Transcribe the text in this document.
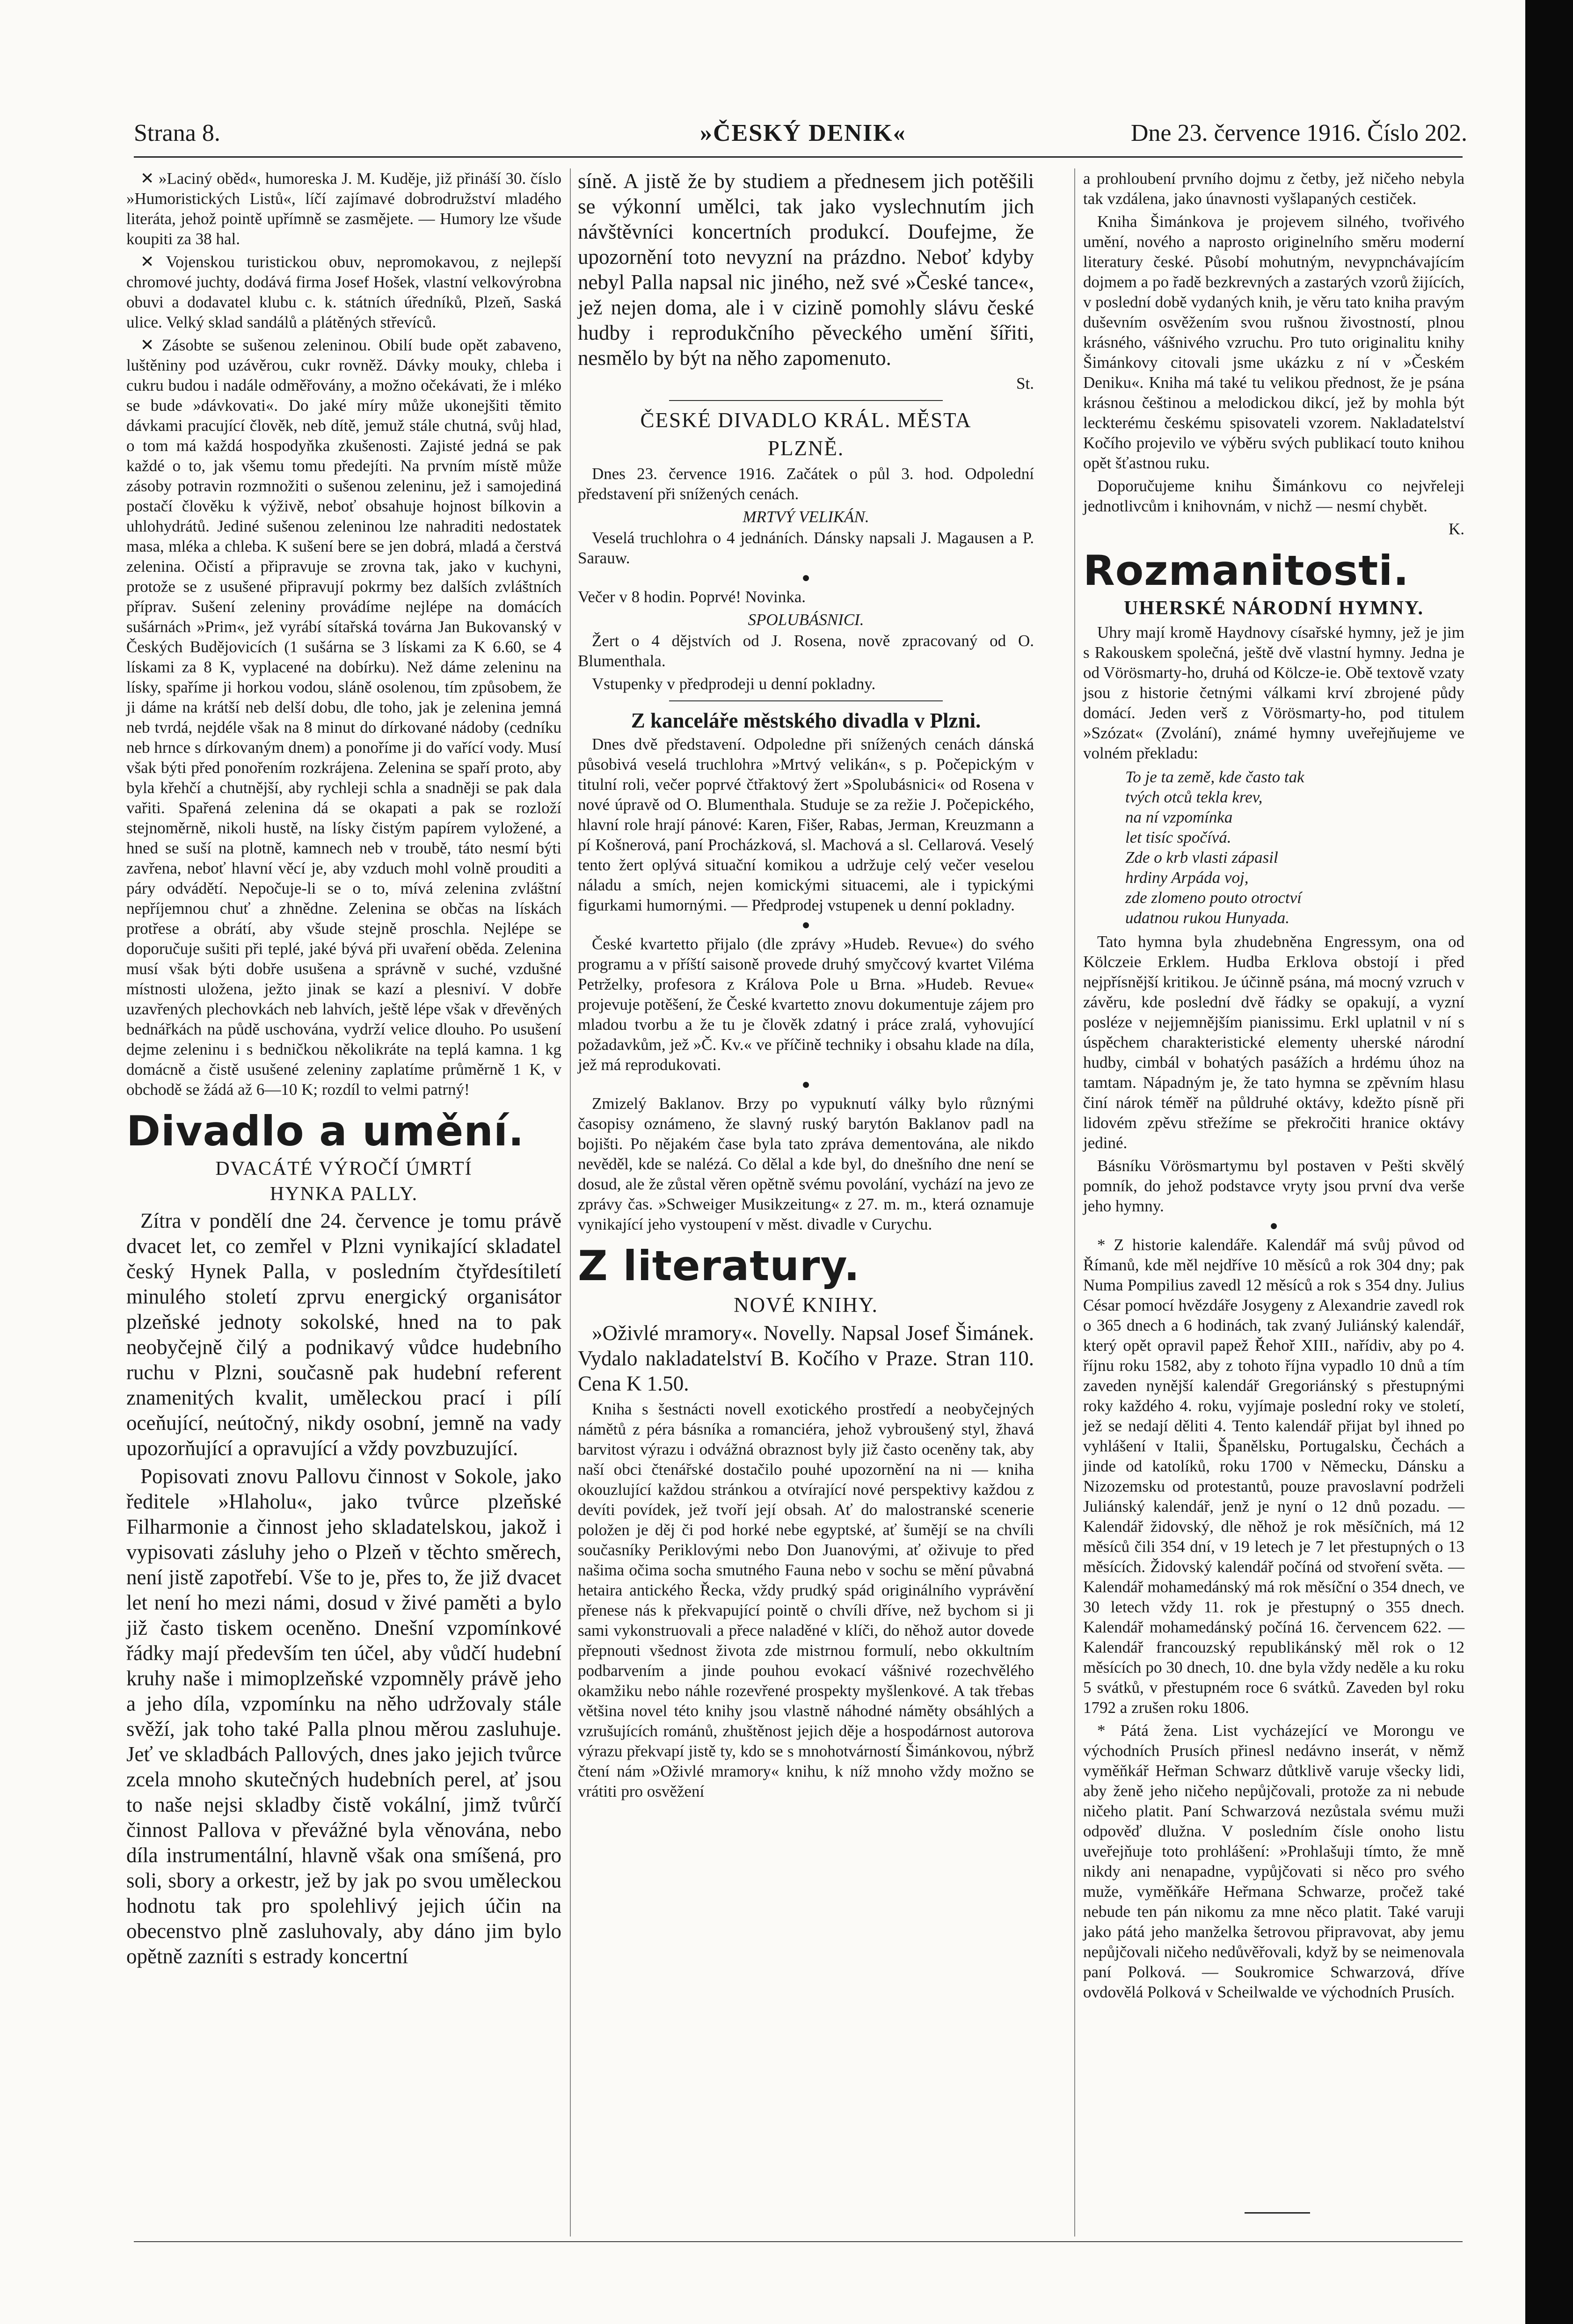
Strana 8.	»ČESKÝ DENIK«	Dne 23. července 1916. Číslo 202.

✕ »Laciný oběd«, humoreska J. M. Kuděje, již přináší 30. číslo »Humoristických Listů«, líčí zajímavé dobrodružství mladého literáta, jehož pointě upřímně se zasmějete. — Humory lze všude koupiti za 38 hal.

✕ Vojenskou turistickou obuv, nepromokavou, z nejlepší chromové juchty, dodává firma Josef Hošek, vlastní velkovýrobna obuvi a dodavatel klubu c. k. státních úředníků, Plzeň, Saská ulice. Velký sklad sandálů a plátěných střevíců.

✕ Zásobte se sušenou zeleninou. Obilí bude opět zabaveno, luštěniny pod uzávěrou, cukr rovněž. Dávky mouky, chleba i cukru budou i nadále odměřovány, a možno očekávati, že i mléko se bude »dávkovati«. Do jaké míry může ukonejšiti těmito dávkami pracující člověk, neb dítě, jemuž stále chutná, svůj hlad, o tom má každá hospodyňka zkušenosti. Zajisté jedná se pak každé o to, jak všemu tomu předejíti. Na prvním místě může zásoby potravin rozmnožiti o sušenou zeleninu, jež i samojediná postačí člověku k výživě, neboť obsahuje hojnost bílkovin a uhlohydrátů. Jediné sušenou zeleninou lze nahraditi nedostatek masa, mléka a chleba. K sušení bere se jen dobrá, mladá a čerstvá zelenina. Očistí a připravuje se zrovna tak, jako v kuchyni, protože se z usušené připravují pokrmy bez dalších zvláštních příprav. Sušení zeleniny provádíme nejlépe na domácích sušárnách »Prim«, jež vyrábí sítařská továrna Jan Bukovanský v Českých Budějovicích (1 sušárna se 3 lískami za K 6.60, se 4 lískami za 8 K, vyplacené na dobírku). Než dáme zeleninu na lísky, spaříme ji horkou vodou, sláně osolenou, tím způsobem, že ji dáme na krátší neb delší dobu, dle toho, jak je zelenina jemná neb tvrdá, nejdéle však na 8 minut do dírkované nádoby (cedníku neb hrnce s dírkovaným dnem) a ponoříme ji do vařící vody. Musí však býti před ponořením rozkrájena. Zelenina se spaří proto, aby byla křehčí a chutnější, aby rychleji schla a snadněji se pak dala vařiti. Spařená zelenina dá se okapati a pak se rozloží stejnoměrně, nikoli hustě, na lísky čistým papírem vyložené, a hned se suší na plotně, kamnech neb v troubě, táto nesmí býti zavřena, neboť hlavní věcí je, aby vzduch mohl volně prouditi a páry odvádětí. Nepočuje-li se o to, mívá zelenina zvláštní nepříjemnou chuť a zhnědne. Zelenina se občas na lískách protřese a obrátí, aby všude stejně proschla. Nejlépe se doporučuje sušiti při teplé, jaké bývá při uvaření oběda. Zelenina musí však býti dobře usušena a správně v suché, vzdušné místnosti uložena, ježto jinak se kazí a plesniví. V dobře uzavřených plechovkách neb lahvích, ještě lépe však v dřevěných bednářkách na půdě uschována, vydrží velice dlouho. Po usušení dejme zeleninu i s bedničkou několikráte na teplá kamna. 1 kg domácně a čistě usušené zeleniny zaplatíme průměrně 1 K, v obchodě se žádá až 6—10 K; rozdíl to velmi patrný!

Divadlo a umění.
DVACÁTÉ VÝROČÍ ÚMRTÍ
HYNKA PALLY.

Zítra v pondělí dne 24. července je tomu právě dvacet let, co zemřel v Plzni vynikající skladatel český Hynek Palla, v posledním čtyřdesítiletí minulého století zprvu energický organisátor plzeňské jednoty sokolské, hned na to pak neobyčejně čilý a podnikavý vůdce hudebního ruchu v Plzni, současně pak hudební referent znamenitých kvalit, uměleckou prací i pílí oceňující, neútočný, nikdy osobní, jemně na vady upozorňující a opravující a vždy povzbuzující.

Popisovati znovu Pallovu činnost v Sokole, jako ředitele »Hlaholu«, jako tvůrce plzeňské Filharmonie a činnost jeho skladatelskou, jakož i vypisovati zásluhy jeho o Plzeň v těchto směrech, není jistě zapotřebí. Vše to je, přes to, že již dvacet let není ho mezi námi, dosud v živé paměti a bylo již často tiskem oceněno. Dnešní vzpomínkové řádky mají především ten účel, aby vůdčí hudební kruhy naše i mimoplzeňské vzpomněly právě jeho a jeho díla, vzpomínku na něho udržovaly stále svěží, jak toho také Palla plnou měrou zasluhuje. Jeť ve skladbách Pallových, dnes jako jejich tvůrce zcela mnoho skutečných hudebních perel, ať jsou to naše nejsi skladby čistě vokální, jimž tvůrčí činnost Pallova v převážné byla věnována, nebo díla instrumentální, hlavně však ona smíšená, pro soli, sbory a orkestr, jež by jak po svou uměleckou hodnotu tak pro spolehlivý jejich účin na obecenstvo plně zasluhovaly, aby dáno jim bylo opětně zazníti s estrady koncertní

síně. A jistě že by studiem a přednesem jich potěšili se výkonní umělci, tak jako vyslechnutím jich návštěvníci koncertních produkcí. Doufejme, že upozornění toto nevyzní na prázdno. Neboť kdyby nebyl Palla napsal nic jiného, než své »České tance«, jež nejen doma, ale i v cizině pomohly slávu české hudby i reprodukčního pěveckého umění šířiti, nesmělo by být na něho zapomenuto.

St.

ČESKÉ DIVADLO KRÁL. MĚSTA
PLZNĚ.

Dnes 23. července 1916. Začátek o půl 3. hod. Odpolední představení při snížených cenách.

MRTVÝ VELIKÁN.

Veselá truchlohra o 4 jednáních. Dánsky napsali J. Magausen a P. Sarauw.

●

Večer v 8 hodin. Poprvé! Novinka.

SPOLUBÁSNICI.

Žert o 4 dějstvích od J. Rosena, nově zpracovaný od O. Blumenthala.

Vstupenky v předprodeji u denní pokladny.

Z kanceláře městského divadla v Plzni.

Dnes dvě představení. Odpoledne při snížených cenách dánská působivá veselá truchlohra »Mrtvý velikán«, s p. Počepickým v titulní roli, večer poprvé čtřaktový žert »Spolubásnici« od Rosena v nové úpravě od O. Blumenthala. Studuje se za režie J. Počepického, hlavní role hrají pánové: Karen, Fišer, Rabas, Jerman, Kreuzmann a pí Košnerová, paní Procházková, sl. Machová a sl. Cellarová. Veselý tento žert oplývá situační komikou a udržuje celý večer veselou náladu a smích, nejen komickými situacemi, ale i typickými figurkami humornými. — Předprodej vstupenek u denní pokladny.

●

České kvartetto přijalo (dle zprávy »Hudeb. Revue«) do svého programu a v příští saisoně provede druhý smyčcový kvartet Viléma Petrželky, profesora z Králova Pole u Brna. »Hudeb. Revue« projevuje potěšení, že České kvartetto znovu dokumentuje zájem pro mladou tvorbu a že tu je člověk zdatný i práce zralá, vyhovující požadavkům, jež »Č. Kv.« ve příčině techniky i obsahu klade na díla, jež má reprodukovati.

●

Zmizelý Baklanov. Brzy po vypuknutí války bylo různými časopisy oznámeno, že slavný ruský barytón Baklanov padl na bojišti. Po nějakém čase byla tato zpráva dementována, ale nikdo nevěděl, kde se nalézá. Co dělal a kde byl, do dnešního dne není se dosud, ale že zůstal věren opětně svému povolání, vychází na jevo ze zprávy čas. »Schweiger Musikzeitung« z 27. m. m., která oznamuje vynikající jeho vystoupení v měst. divadle v Curychu.

Z literatury.
NOVÉ KNIHY.

»Oživlé mramory«. Novelly. Napsal Josef Šimánek. Vydalo nakladatelství B. Kočího v Praze. Stran 110. Cena K 1.50.

Kniha s šestnácti novell exotického prostředí a neobyčejných námětů z péra básníka a romanciéra, jehož vybroušený styl, žhavá barvitost výrazu i odvážná obraznost byly již často oceněny tak, aby naší obci čtenářské dostačilo pouhé upozornění na ni — kniha okouzlující každou stránkou a otvírající nové perspektivy každou z devíti povídek, jež tvoří její obsah. Ať do malostranské scenerie položen je děj či pod horké nebe egyptské, ať šumějí se na chvíli současníky Periklovými nebo Don Juanovými, ať oživuje to před našima očima socha smutného Fauna nebo v sochu se mění půvabná hetaira antického Řecka, vždy prudký spád originálního vyprávění přenese nás k překvapující pointě o chvíli dříve, než bychom si ji sami vykonstruovali a přece naladěné v klíči, do něhož autor dovede přepnouti všednost života zde mistrnou formulí, nebo okkultním podbarvením a jinde pouhou evokací vášnivé rozechvělého okamžiku nebo náhle rozevřené prospekty myšlenkové. A tak třebas většina novel této knihy jsou vlastně náhodné náměty obsáhlých a vzrušujících románů, zhuštěnost jejich děje a hospodárnost autorova výrazu překvapí jistě ty, kdo se s mnohotvárností Šimánkovou, nýbrž čtení nám »Oživlé mramory« knihu, k níž mnoho vždy možno se vrátiti pro osvěžení

a prohloubení prvního dojmu z četby, jež ničeho nebyla tak vzdálena, jako únavnosti vyšlapaných cestiček.

Kniha Šimánkova je projevem silného, tvořivého umění, nového a naprosto originelního směru moderní literatury české. Působí mohutným, nevypnchávajícím dojmem a po řadě bezkrevných a zastarých vzorů žijících, v poslední době vydaných knih, je věru tato kniha pravým duševním osvěžením svou rušnou živostností, plnou krásného, vášnivého vzruchu. Pro tuto originalitu knihy Šimánkovy citovali jsme ukázku z ní v »Českém Deniku«. Kniha má také tu velikou přednost, že je psána krásnou češtinou a melodickou dikcí, jež by mohla být leckterému českému spisovateli vzorem. Nakladatelství Kočího projevilo ve výběru svých publikací touto knihou opět šťastnou ruku.

Doporučujeme knihu Šimánkovu co nejvřeleji jednotlivcům i knihovnám, v nichž — nesmí chybět.

K.

Rozmanitosti.
UHERSKÉ NÁRODNÍ HYMNY.

Uhry mají kromě Haydnovy císařské hymny, jež je jim s Rakouskem společná, ještě dvě vlastní hymny. Jedna je od Vörösmarty-ho, druhá od Kölcze-ie. Obě textově vzaty jsou z historie četnými válkami krví zbrojené půdy domácí. Jeden verš z Vörösmarty-ho, pod titulem »Szózat« (Zvolání), známé hymny uveřejňujeme ve volném překladu:

To je ta země, kde často tak
tvých otců tekla krev,
na ní vzpomínka
let tisíc spočívá.
Zde o krb vlasti zápasil
hrdiny Arpáda voj,
zde zlomeno pouto otroctví
udatnou rukou Hunyada.

Tato hymna byla zhudebněna Engressym, ona od Kölczeie Erklem. Hudba Erklova obstojí i před nejpřísnější kritikou. Je účinně psána, má mocný vzruch v závěru, kde poslední dvě řádky se opakují, a vyzní posléze v nejjemnějším pianissimu. Erkl uplatnil v ní s úspěchem charakteristické elementy uherské národní hudby, cimbál v bohatých pasážích a hrdému úhoz na tamtam. Nápadným je, že tato hymna se zpěvním hlasu činí nárok téměř na půldruhé oktávy, kdežto písně při lidovém zpěvu střežíme se překročiti hranice oktávy jediné.

Básníku Vörösmartymu byl postaven v Pešti skvělý pomník, do jehož podstavce vryty jsou první dva verše jeho hymny.

●

* Z historie kalendáře. Kalendář má svůj původ od Římanů, kde měl nejdříve 10 měsíců a rok 304 dny; pak Numa Pompilius zavedl 12 měsíců a rok s 354 dny. Julius César pomocí hvězdáře Josygeny z Alexandrie zavedl rok o 365 dnech a 6 hodinách, tak zvaný Juliánský kalendář, který opět opravil papež Řehoř XIII., nařídiv, aby po 4. říjnu roku 1582, aby z tohoto října vypadlo 10 dnů a tím zaveden nynější kalendář Gregoriánský s přestupnými roky každého 4. roku, vyjímaje poslední roky ve století, jež se nedají děliti 4. Tento kalendář přijat byl ihned po vyhlášení v Italii, Španělsku, Portugalsku, Čechách a jinde od katolíků, roku 1700 v Německu, Dánsku a Nizozemsku od protestantů, pouze pravoslavní podrželi Juliánský kalendář, jenž je nyní o 12 dnů pozadu. — Kalendář židovský, dle něhož je rok měsíčních, má 12 měsíců čili 354 dní, v 19 letech je 7 let přestupných o 13 měsících. Židovský kalendář počíná od stvoření světa. — Kalendář mohamedánský má rok měsíční o 354 dnech, ve 30 letech vždy 11. rok je přestupný o 355 dnech. Kalendář mohamedánský počíná 16. červencem 622. — Kalendář francouzský republikánský měl rok o 12 měsících po 30 dnech, 10. dne byla vždy neděle a ku roku 5 svátků, v přestupném roce 6 svátků. Zaveden byl roku 1792 a zrušen roku 1806.

* Pátá žena. List vycházející ve Morongu ve východních Prusích přinesl nedávno inserát, v němž vyměňkář Heřman Schwarz důtklivě varuje všecky lidi, aby ženě jeho ničeho nepůjčovali, protože za ni nebude ničeho platit. Paní Schwarzová nezůstala svému muži odpověď dlužna. V posledním čísle onoho listu uveřejňuje toto prohlášení: »Prohlašuji tímto, že mně nikdy ani nenapadne, vypůjčovati si něco pro svého muže, vyměňkáře Heřmana Schwarze, pročež také nebude ten pán nikomu za mne něco platit. Také varuji jako pátá jeho manželka šetrovou připravovat, aby jemu nepůjčovali ničeho nedůvěřovali, když by se neimenovala paní Polková. — Soukromice Schwarzová, dříve ovdovělá Polková v Scheilwalde ve východních Prusích.
